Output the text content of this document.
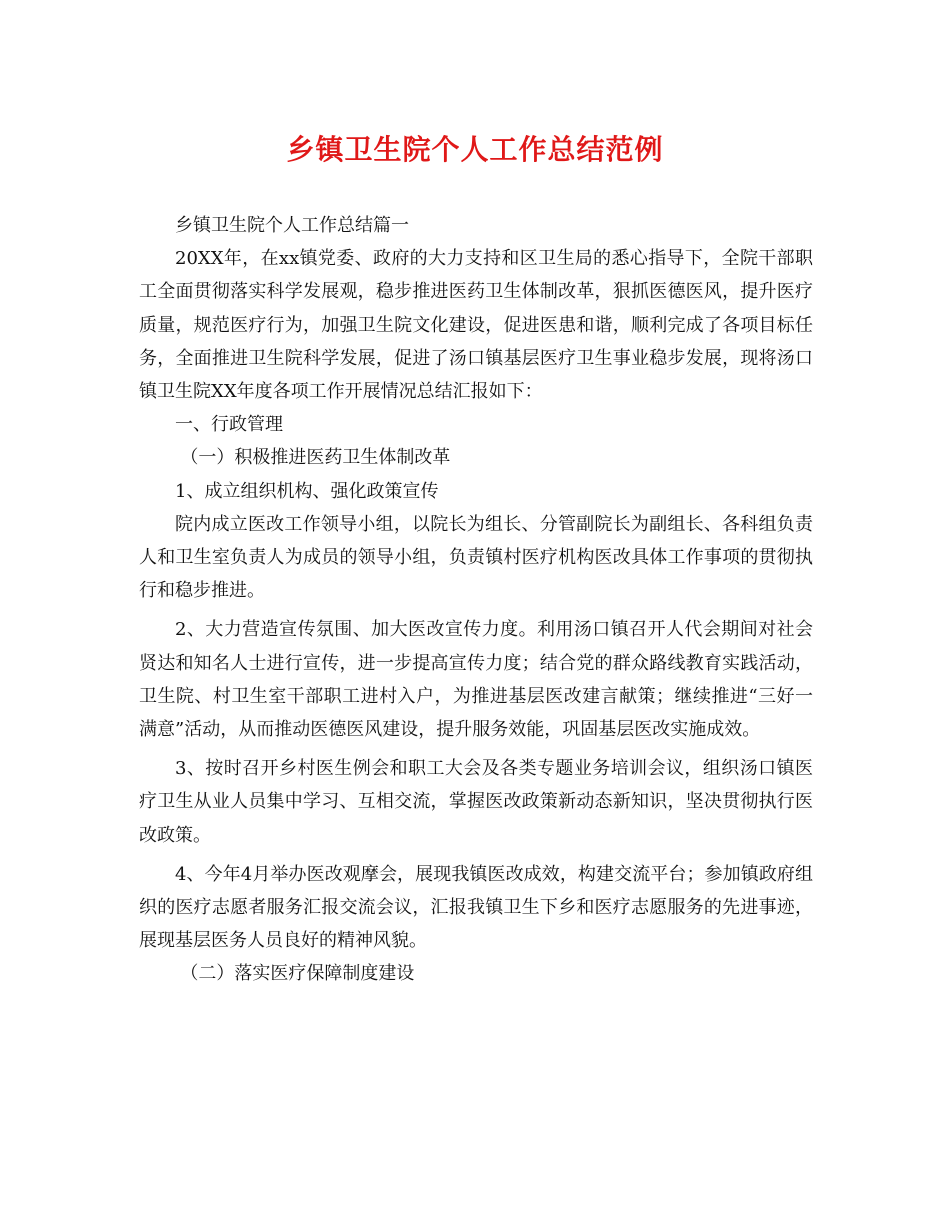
乡镇卫生院个人工作总结范例

乡镇卫生院个人工作总结篇一

20XX年，在xx镇党委、政府的大力支持和区卫生局的悉心指导下，全院干部职工全面贯彻落实科学发展观，稳步推进医药卫生体制改革，狠抓医德医风，提升医疗质量，规范医疗行为，加强卫生院文化建设，促进医患和谐，顺利完成了各项目标任务，全面推进卫生院科学发展，促进了汤口镇基层医疗卫生事业稳步发展，现将汤口镇卫生院XX年度各项工作开展情况总结汇报如下：

一、行政管理

（一）积极推进医药卫生体制改革

1、成立组织机构、强化政策宣传

院内成立医改工作领导小组，以院长为组长、分管副院长为副组长、各科组负责人和卫生室负责人为成员的领导小组，负责镇村医疗机构医改具体工作事项的贯彻执行和稳步推进。

2、大力营造宣传氛围、加大医改宣传力度。利用汤口镇召开人代会期间对社会贤达和知名人士进行宣传，进一步提高宣传力度；结合党的群众路线教育实践活动，卫生院、村卫生室干部职工进村入户，为推进基层医改建言献策；继续推进“三好一满意”活动，从而推动医德医风建设，提升服务效能，巩固基层医改实施成效。

3、按时召开乡村医生例会和职工大会及各类专题业务培训会议，组织汤口镇医疗卫生从业人员集中学习、互相交流，掌握医改政策新动态新知识，坚决贯彻执行医改政策。

4、今年4月举办医改观摩会，展现我镇医改成效，构建交流平台；参加镇政府组织的医疗志愿者服务汇报交流会议，汇报我镇卫生下乡和医疗志愿服务的先进事迹，展现基层医务人员良好的精神风貌。

（二）落实医疗保障制度建设
